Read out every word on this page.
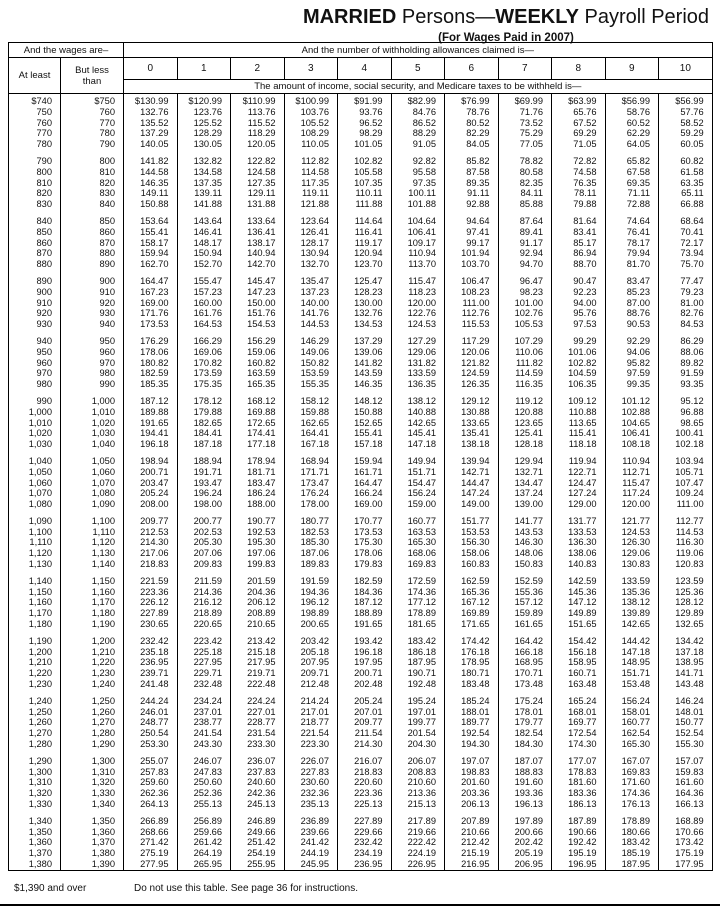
MARRIED Persons—WEEKLY Payroll Period
(For Wages Paid in 2007)
And the wages are–		And the number of withholding allowances claimed is—										
At least	But less than	0	1	2	3	4	5	6	7	8	9	10
		The amount of income, social security, and Medicare taxes to be withheld is—										
$740	$750	$130.99	$120.99	$110.99	$100.99	$91.99	$82.99	$76.99	$69.99	$63.99	$56.99	$56.99
750	760	132.76	123.76	113.76	103.76	93.76	84.76	78.76	71.76	65.76	58.76	57.76
760	770	135.52	125.52	115.52	105.52	96.52	86.52	80.52	73.52	67.52	60.52	58.52
770	780	137.29	128.29	118.29	108.29	98.29	88.29	82.29	75.29	69.29	62.29	59.29
780	790	140.05	130.05	120.05	110.05	101.05	91.05	84.05	77.05	71.05	64.05	60.05
790	800	141.82	132.82	122.82	112.82	102.82	92.82	85.82	78.82	72.82	65.82	60.82
800	810	144.58	134.58	124.58	114.58	105.58	95.58	87.58	80.58	74.58	67.58	61.58
810	820	146.35	137.35	127.35	117.35	107.35	97.35	89.35	82.35	76.35	69.35	63.35
820	830	149.11	139.11	129.11	119.11	110.11	100.11	91.11	84.11	78.11	71.11	65.11
830	840	150.88	141.88	131.88	121.88	111.88	101.88	92.88	85.88	79.88	72.88	66.88
840	850	153.64	143.64	133.64	123.64	114.64	104.64	94.64	87.64	81.64	74.64	68.64
850	860	155.41	146.41	136.41	126.41	116.41	106.41	97.41	89.41	83.41	76.41	70.41
860	870	158.17	148.17	138.17	128.17	119.17	109.17	99.17	91.17	85.17	78.17	72.17
870	880	159.94	150.94	140.94	130.94	120.94	110.94	101.94	92.94	86.94	79.94	73.94
880	890	162.70	152.70	142.70	132.70	123.70	113.70	103.70	94.70	88.70	81.70	75.70
890	900	164.47	155.47	145.47	135.47	125.47	115.47	106.47	96.47	90.47	83.47	77.47
900	910	167.23	157.23	147.23	137.23	128.23	118.23	108.23	98.23	92.23	85.23	79.23
910	920	169.00	160.00	150.00	140.00	130.00	120.00	111.00	101.00	94.00	87.00	81.00
920	930	171.76	161.76	151.76	141.76	132.76	122.76	112.76	102.76	95.76	88.76	82.76
930	940	173.53	164.53	154.53	144.53	134.53	124.53	115.53	105.53	97.53	90.53	84.53
940	950	176.29	166.29	156.29	146.29	137.29	127.29	117.29	107.29	99.29	92.29	86.29
950	960	178.06	169.06	159.06	149.06	139.06	129.06	120.06	110.06	101.06	94.06	88.06
960	970	180.82	170.82	160.82	150.82	141.82	131.82	121.82	111.82	102.82	95.82	89.82
970	980	182.59	173.59	163.59	153.59	143.59	133.59	124.59	114.59	104.59	97.59	91.59
980	990	185.35	175.35	165.35	155.35	146.35	136.35	126.35	116.35	106.35	99.35	93.35
990	1,000	187.12	178.12	168.12	158.12	148.12	138.12	129.12	119.12	109.12	101.12	95.12
1,000	1,010	189.88	179.88	169.88	159.88	150.88	140.88	130.88	120.88	110.88	102.88	96.88
1,010	1,020	191.65	182.65	172.65	162.65	152.65	142.65	133.65	123.65	113.65	104.65	98.65
1,020	1,030	194.41	184.41	174.41	164.41	155.41	145.41	135.41	125.41	115.41	106.41	100.41
1,030	1,040	196.18	187.18	177.18	167.18	157.18	147.18	138.18	128.18	118.18	108.18	102.18
1,040	1,050	198.94	188.94	178.94	168.94	159.94	149.94	139.94	129.94	119.94	110.94	103.94
1,050	1,060	200.71	191.71	181.71	171.71	161.71	151.71	142.71	132.71	122.71	112.71	105.71
1,060	1,070	203.47	193.47	183.47	173.47	164.47	154.47	144.47	134.47	124.47	115.47	107.47
1,070	1,080	205.24	196.24	186.24	176.24	166.24	156.24	147.24	137.24	127.24	117.24	109.24
1,080	1,090	208.00	198.00	188.00	178.00	169.00	159.00	149.00	139.00	129.00	120.00	111.00
1,090	1,100	209.77	200.77	190.77	180.77	170.77	160.77	151.77	141.77	131.77	121.77	112.77
1,100	1,110	212.53	202.53	192.53	182.53	173.53	163.53	153.53	143.53	133.53	124.53	114.53
1,110	1,120	214.30	205.30	195.30	185.30	175.30	165.30	156.30	146.30	136.30	126.30	116.30
1,120	1,130	217.06	207.06	197.06	187.06	178.06	168.06	158.06	148.06	138.06	129.06	119.06
1,130	1,140	218.83	209.83	199.83	189.83	179.83	169.83	160.83	150.83	140.83	130.83	120.83
1,140	1,150	221.59	211.59	201.59	191.59	182.59	172.59	162.59	152.59	142.59	133.59	123.59
1,150	1,160	223.36	214.36	204.36	194.36	184.36	174.36	165.36	155.36	145.36	135.36	125.36
1,160	1,170	226.12	216.12	206.12	196.12	187.12	177.12	167.12	157.12	147.12	138.12	128.12
1,170	1,180	227.89	218.89	208.89	198.89	188.89	178.89	169.89	159.89	149.89	139.89	129.89
1,180	1,190	230.65	220.65	210.65	200.65	191.65	181.65	171.65	161.65	151.65	142.65	132.65
1,190	1,200	232.42	223.42	213.42	203.42	193.42	183.42	174.42	164.42	154.42	144.42	134.42
1,200	1,210	235.18	225.18	215.18	205.18	196.18	186.18	176.18	166.18	156.18	147.18	137.18
1,210	1,220	236.95	227.95	217.95	207.95	197.95	187.95	178.95	168.95	158.95	148.95	138.95
1,220	1,230	239.71	229.71	219.71	209.71	200.71	190.71	180.71	170.71	160.71	151.71	141.71
1,230	1,240	241.48	232.48	222.48	212.48	202.48	192.48	183.48	173.48	163.48	153.48	143.48
1,240	1,250	244.24	234.24	224.24	214.24	205.24	195.24	185.24	175.24	165.24	156.24	146.24
1,250	1,260	246.01	237.01	227.01	217.01	207.01	197.01	188.01	178.01	168.01	158.01	148.01
1,260	1,270	248.77	238.77	228.77	218.77	209.77	199.77	189.77	179.77	169.77	160.77	150.77
1,270	1,280	250.54	241.54	231.54	221.54	211.54	201.54	192.54	182.54	172.54	162.54	152.54
1,280	1,290	253.30	243.30	233.30	223.30	214.30	204.30	194.30	184.30	174.30	165.30	155.30
1,290	1,300	255.07	246.07	236.07	226.07	216.07	206.07	197.07	187.07	177.07	167.07	157.07
1,300	1,310	257.83	247.83	237.83	227.83	218.83	208.83	198.83	188.83	178.83	169.83	159.83
1,310	1,320	259.60	250.60	240.60	230.60	220.60	210.60	201.60	191.60	181.60	171.60	161.60
1,320	1,330	262.36	252.36	242.36	232.36	223.36	213.36	203.36	193.36	183.36	174.36	164.36
1,330	1,340	264.13	255.13	245.13	235.13	225.13	215.13	206.13	196.13	186.13	176.13	166.13
1,340	1,350	266.89	256.89	246.89	236.89	227.89	217.89	207.89	197.89	187.89	178.89	168.89
1,350	1,360	268.66	259.66	249.66	239.66	229.66	219.66	210.66	200.66	190.66	180.66	170.66
1,360	1,370	271.42	261.42	251.42	241.42	232.42	222.42	212.42	202.42	192.42	183.42	173.42
1,370	1,380	275.19	264.19	254.19	244.19	234.19	224.19	215.19	205.19	195.19	185.19	175.19
1,380	1,390	277.95	265.95	255.95	245.95	236.95	226.95	216.95	206.95	196.95	187.95	177.95
$1,390 and over	Do not use this table. See page 36 for instructions.
